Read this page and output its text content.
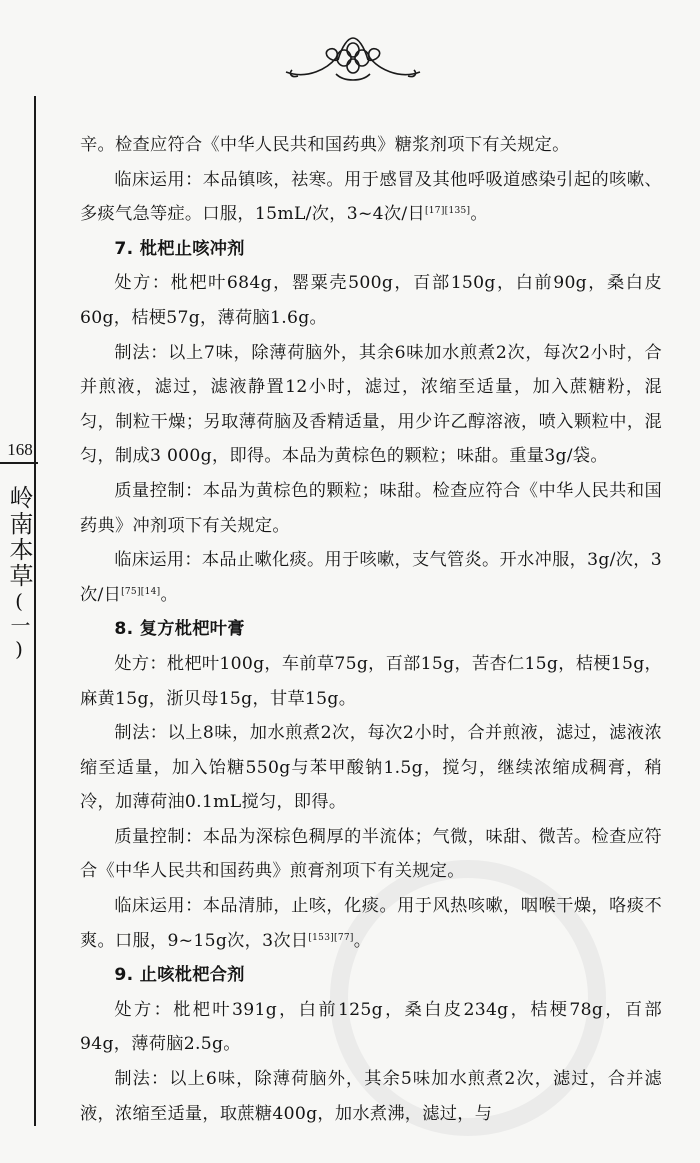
168
岭南本草(一)

辛。检查应符合《中华人民共和国药典》糖浆剂项下有关规定。

临床运用：本品镇咳，祛寒。用于感冒及其他呼吸道感染引起的咳嗽、多痰气急等症。口服，15mL/次，3~4次/日[17][135]。

7. 枇杷止咳冲剂

处方：枇杷叶684g，罂粟壳500g，百部150g，白前90g，桑白皮60g，桔梗57g，薄荷脑1.6g。

制法：以上7味，除薄荷脑外，其余6味加水煎煮2次，每次2小时，合并煎液，滤过，滤液静置12小时，滤过，浓缩至适量，加入蔗糖粉，混匀，制粒干燥；另取薄荷脑及香精适量，用少许乙醇溶液，喷入颗粒中，混匀，制成3 000g，即得。本品为黄棕色的颗粒；味甜。重量3g/袋。

质量控制：本品为黄棕色的颗粒；味甜。检查应符合《中华人民共和国药典》冲剂项下有关规定。

临床运用：本品止嗽化痰。用于咳嗽，支气管炎。开水冲服，3g/次，3次/日[75][14]。

8. 复方枇杷叶膏

处方：枇杷叶100g，车前草75g，百部15g，苦杏仁15g，桔梗15g，麻黄15g，浙贝母15g，甘草15g。

制法：以上8味，加水煎煮2次，每次2小时，合并煎液，滤过，滤液浓缩至适量，加入饴糖550g与苯甲酸钠1.5g，搅匀，继续浓缩成稠膏，稍冷，加薄荷油0.1mL搅匀，即得。

质量控制：本品为深棕色稠厚的半流体；气微，味甜、微苦。检查应符合《中华人民共和国药典》煎膏剂项下有关规定。

临床运用：本品清肺，止咳，化痰。用于风热咳嗽，咽喉干燥，咯痰不爽。口服，9~15g次，3次日[153][77]。

9. 止咳枇杷合剂

处方：枇杷叶391g，白前125g，桑白皮234g，桔梗78g，百部94g，薄荷脑2.5g。

制法：以上6味，除薄荷脑外，其余5味加水煎煮2次，滤过，合并滤液，浓缩至适量，取蔗糖400g，加水煮沸，滤过，与
